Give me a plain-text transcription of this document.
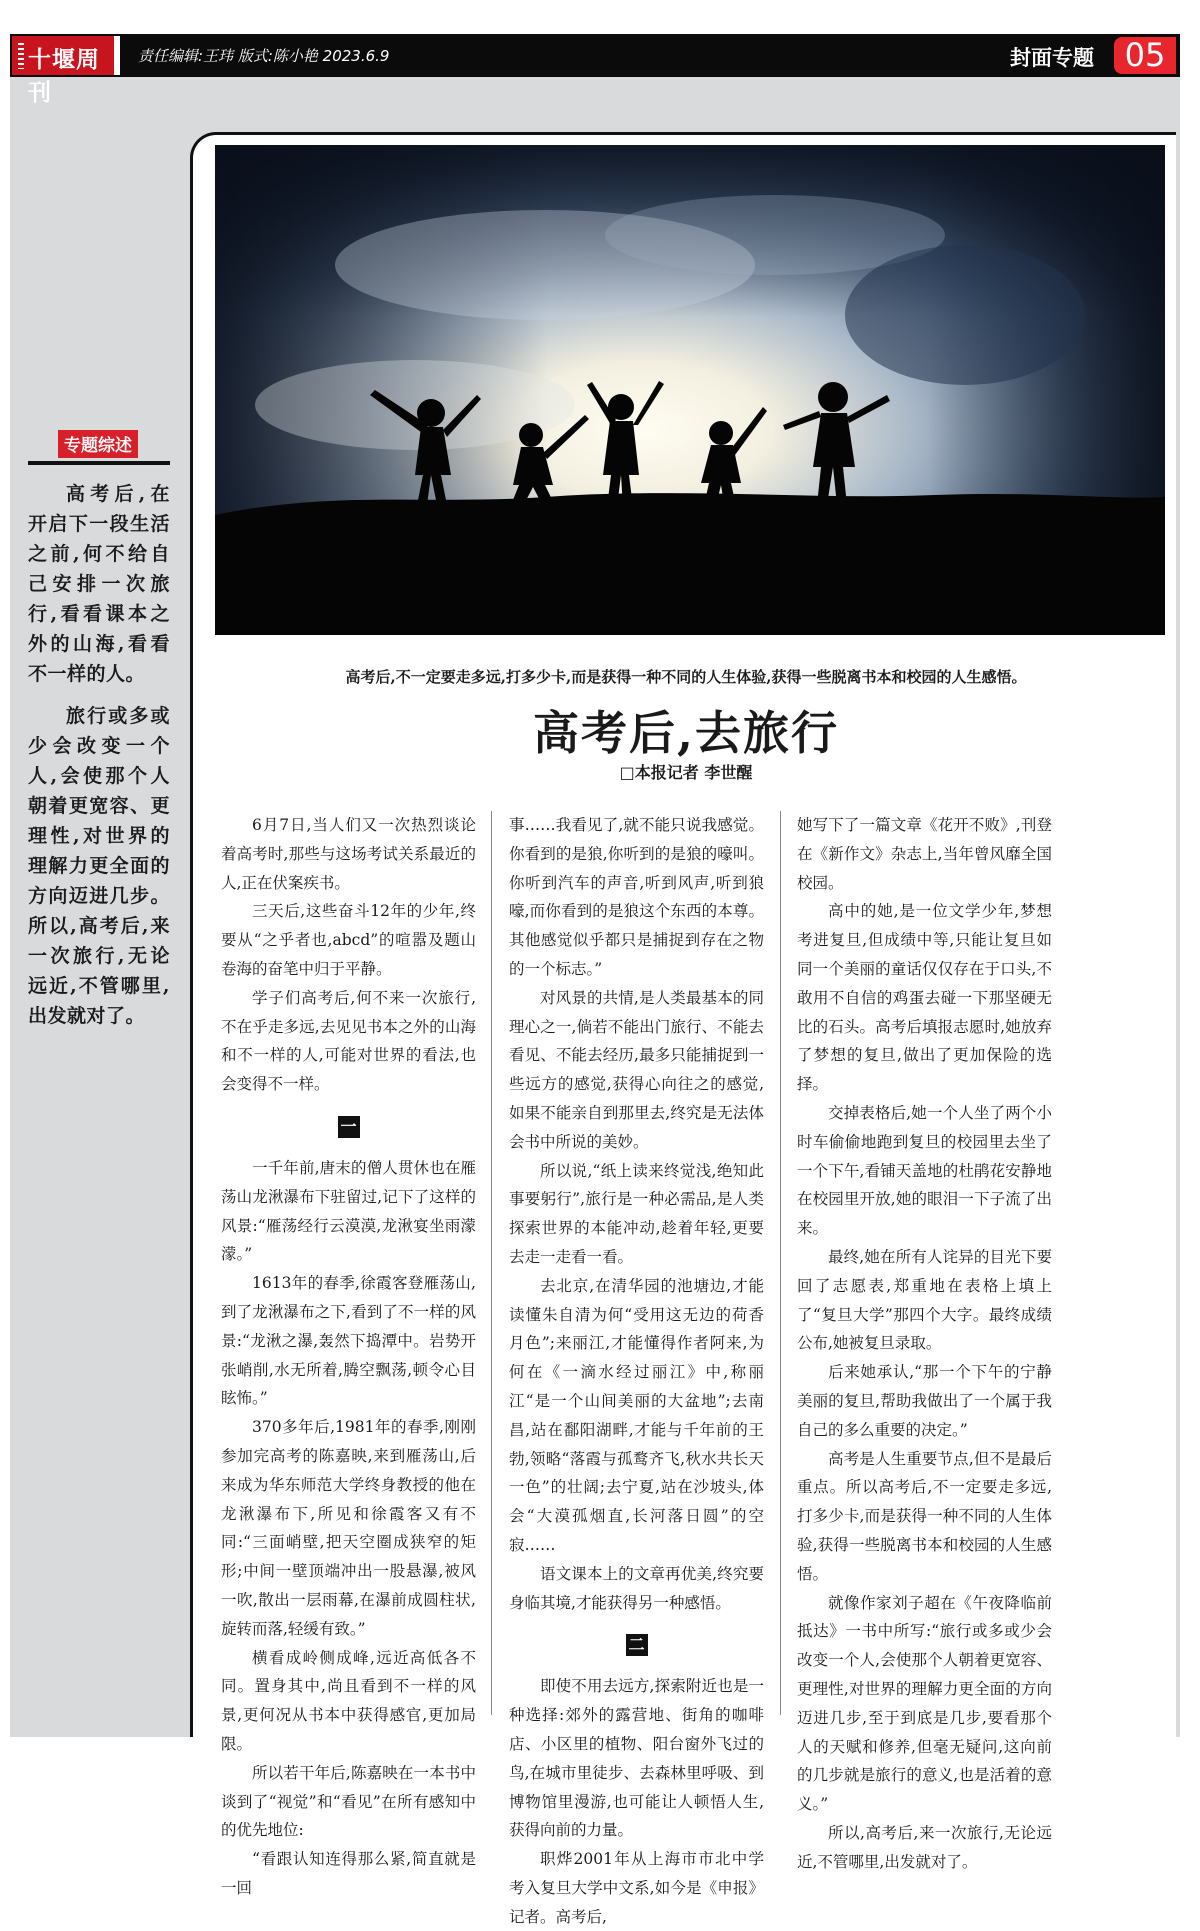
十堰周刊
责任编辑:王玮 版式:陈小艳 2023.6.9	封面专题 05
专题综述

高考后,在开启下一段生活之前,何不给自己安排一次旅行,看看课本之外的山海,看看不一样的人。

旅行或多或少会改变一个人,会使那个人朝着更宽容、更理性,对世界的理解力更全面的方向迈进几步。所以,高考后,来一次旅行,无论远近,不管哪里,出发就对了。

高考后,不一定要走多远,打多少卡,而是获得一种不同的人生体验,获得一些脱离书本和校园的人生感悟。
高考后,去旅行
□本报记者 李世醒

6月7日,当人们又一次热烈谈论着高考时,那些与这场考试关系最近的人,正在伏案疾书。

三天后,这些奋斗12年的少年,终要从“之乎者也,abcd”的喧嚣及题山卷海的奋笔中归于平静。

学子们高考后,何不来一次旅行,不在乎走多远,去见见书本之外的山海和不一样的人,可能对世界的看法,也会变得不一样。

一

一千年前,唐末的僧人贯休也在雁荡山龙湫瀑布下驻留过,记下了这样的风景:“雁荡经行云漠漠,龙湫宴坐雨濛濛。”

1613年的春季,徐霞客登雁荡山,到了龙湫瀑布之下,看到了不一样的风景:“龙湫之瀑,轰然下捣潭中。岩势开张峭削,水无所着,腾空飘荡,顿令心目眩怖。”

370多年后,1981年的春季,刚刚参加完高考的陈嘉映,来到雁荡山,后来成为华东师范大学终身教授的他在龙湫瀑布下,所见和徐霞客又有不同:“三面峭壁,把天空圈成狭窄的矩形;中间一壁顶端冲出一股悬瀑,被风一吹,散出一层雨幕,在瀑前成圆柱状,旋转而落,轻缓有致。”

横看成岭侧成峰,远近高低各不同。置身其中,尚且看到不一样的风景,更何况从书本中获得感官,更加局限。

所以若干年后,陈嘉映在一本书中谈到了“视觉”和“看见”在所有感知中的优先地位:

“看跟认知连得那么紧,简直就是一回

事……我看见了,就不能只说我感觉。你看到的是狼,你听到的是狼的嚎叫。你听到汽车的声音,听到风声,听到狼嚎,而你看到的是狼这个东西的本尊。其他感觉似乎都只是捕捉到存在之物的一个标志。”

对风景的共情,是人类最基本的同理心之一,倘若不能出门旅行、不能去看见、不能去经历,最多只能捕捉到一些远方的感觉,获得心向往之的感觉,如果不能亲自到那里去,终究是无法体会书中所说的美妙。

所以说,“纸上读来终觉浅,绝知此事要躬行”,旅行是一种必需品,是人类探索世界的本能冲动,趁着年轻,更要去走一走看一看。

去北京,在清华园的池塘边,才能读懂朱自清为何“受用这无边的荷香月色”;来丽江,才能懂得作者阿来,为何在《一滴水经过丽江》中,称丽江“是一个山间美丽的大盆地”;去南昌,站在鄱阳湖畔,才能与千年前的王勃,领略“落霞与孤鹜齐飞,秋水共长天一色”的壮阔;去宁夏,站在沙坡头,体会“大漠孤烟直,长河落日圆”的空寂……

语文课本上的文章再优美,终究要身临其境,才能获得另一种感悟。

二

即使不用去远方,探索附近也是一种选择:郊外的露营地、街角的咖啡店、小区里的植物、阳台窗外飞过的鸟,在城市里徒步、去森林里呼吸、到博物馆里漫游,也可能让人顿悟人生,获得向前的力量。

职烨2001年从上海市市北中学考入复旦大学中文系,如今是《申报》记者。高考后,

她写下了一篇文章《花开不败》,刊登在《新作文》杂志上,当年曾风靡全国校园。

高中的她,是一位文学少年,梦想考进复旦,但成绩中等,只能让复旦如同一个美丽的童话仅仅存在于口头,不敢用不自信的鸡蛋去碰一下那坚硬无比的石头。高考后填报志愿时,她放弃了梦想的复旦,做出了更加保险的选择。

交掉表格后,她一个人坐了两个小时车偷偷地跑到复旦的校园里去坐了一个下午,看铺天盖地的杜鹃花安静地在校园里开放,她的眼泪一下子流了出来。

最终,她在所有人诧异的目光下要回了志愿表,郑重地在表格上填上了“复旦大学”那四个大字。最终成绩公布,她被复旦录取。

后来她承认,“那一个下午的宁静美丽的复旦,帮助我做出了一个属于我自己的多么重要的决定。”

高考是人生重要节点,但不是最后重点。所以高考后,不一定要走多远,打多少卡,而是获得一种不同的人生体验,获得一些脱离书本和校园的人生感悟。

就像作家刘子超在《午夜降临前抵达》一书中所写:“旅行或多或少会改变一个人,会使那个人朝着更宽容、更理性,对世界的理解力更全面的方向迈进几步,至于到底是几步,要看那个人的天赋和修养,但毫无疑问,这向前的几步就是旅行的意义,也是活着的意义。”

所以,高考后,来一次旅行,无论远近,不管哪里,出发就对了。
